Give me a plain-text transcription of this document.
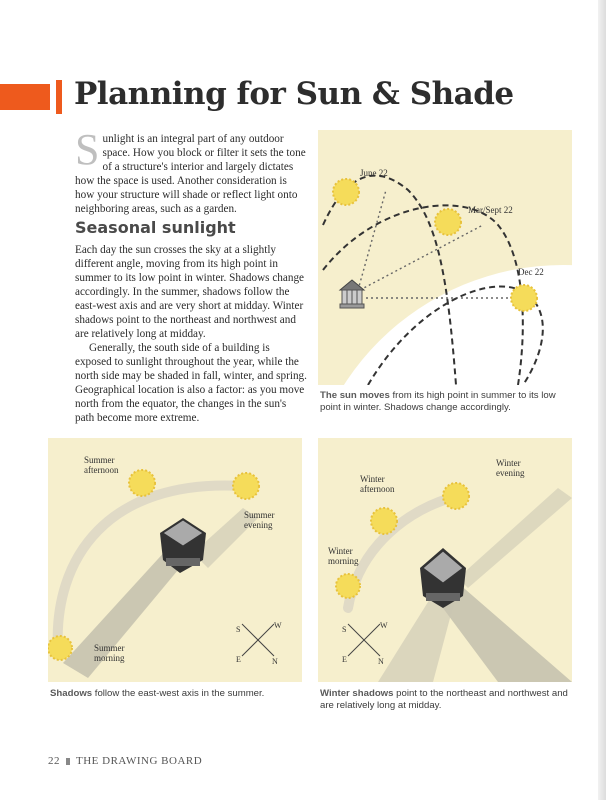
Planning for Sun & Shade

Sunlight is an integral part of any outdoor space. How you block or filter it sets the tone of a structure's interior and largely dictates how the space is used. Another consideration is how your structure will shade or reflect light onto neighboring areas, such as a garden.

Seasonal sunlight

Each day the sun crosses the sky at a slightly different angle, moving from its high point in summer to its low point in winter. Shadows change accordingly. In the summer, shadows follow the east-west axis and are very short at midday. Winter shadows point to the northeast and northwest and are relatively long at midday.

Generally, the south side of a building is exposed to sunlight throughout the year, while the north side may be shaded in fall, winter, and spring. Geographical location is also a factor: as you move north from the equator, the changes in the sun's path become more extreme.

June 22
Mar/Sept 22
Dec 22
The sun moves from its high point in summer to its low point in winter. Shadows change accordingly.
S	W
E	N
Summer
afternoon
Summer
evening
Summer
morning
Shadows follow the east-west axis in the summer.
S	W
E	N
Winter
evening
Winter
afternoon
Winter
morning
Winter shadows point to the northeast and northwest and are relatively long at midday.
22 THE DRAWING BOARD
